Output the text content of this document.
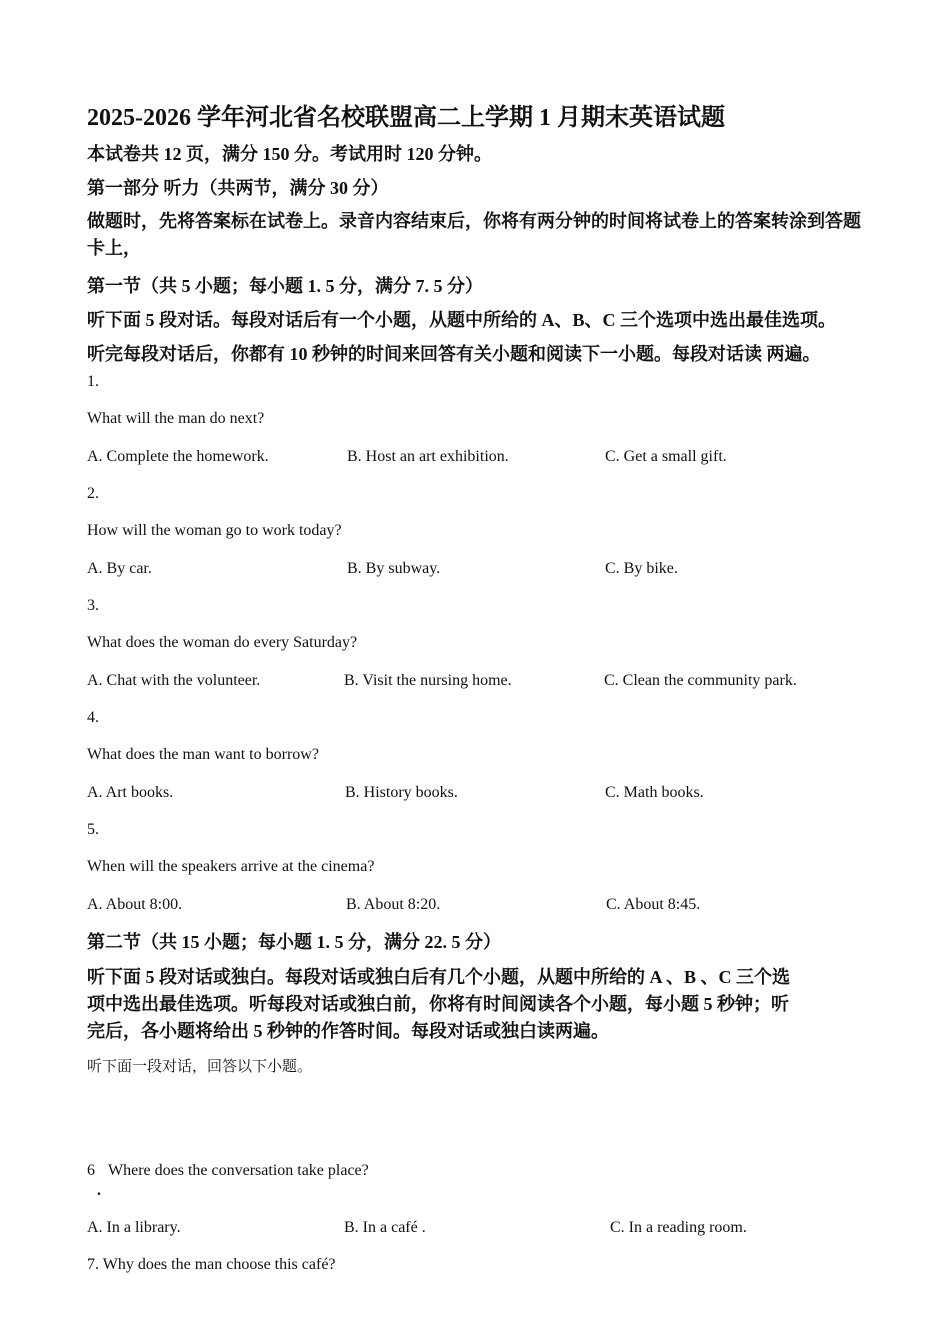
2025-2026 学年河北省名校联盟高二上学期 1 月期末英语试题
本试卷共 12 页，满分 150 分。考试用时 120 分钟。
第一部分 听力（共两节，满分 30 分）
做题时，先将答案标在试卷上。录音内容结束后，你将有两分钟的时间将试卷上的答案转涂到答题卡上，
第一节（共 5 小题；每小题 1. 5 分，满分 7. 5 分）
听下面 5 段对话。每段对话后有一个小题，从题中所给的 A、B、C 三个选项中选出最佳选项。
听完每段对话后，你都有 10 秒钟的时间来回答有关小题和阅读下一小题。每段对话读 两遍。
1.
What will the man do next?
A. Complete the homework.	B. Host an art exhibition.	C. Get a small gift.
2.
How will the woman go to work today?
A. By car.	B. By subway.	C. By bike.
3.
What does the woman do every Saturday?
A. Chat with the volunteer.	B. Visit the nursing home.	C. Clean the community park.
4.
What does the man want to borrow?
A. Art books.	B. History books.	C. Math books.
5.
When will the speakers arrive at the cinema?
A. About 8:00.	B. About 8:20.	C. About 8:45.
第二节（共 15 小题；每小题 1. 5 分，满分 22. 5 分）
听下面 5 段对话或独白。每段对话或独白后有几个小题，从题中所给的 A 、B 、C 三个选
项中选出最佳选项。听每段对话或独白前，你将有时间阅读各个小题，每小题 5 秒钟；听
完后，各小题将给出 5 秒钟的作答时间。每段对话或独白读两遍。
听下面一段对话，回答以下小题。
6 Where does the conversation take place?
.
A. In a library.	B. In a café .	C. In a reading room.
7. Why does the man choose this café?
